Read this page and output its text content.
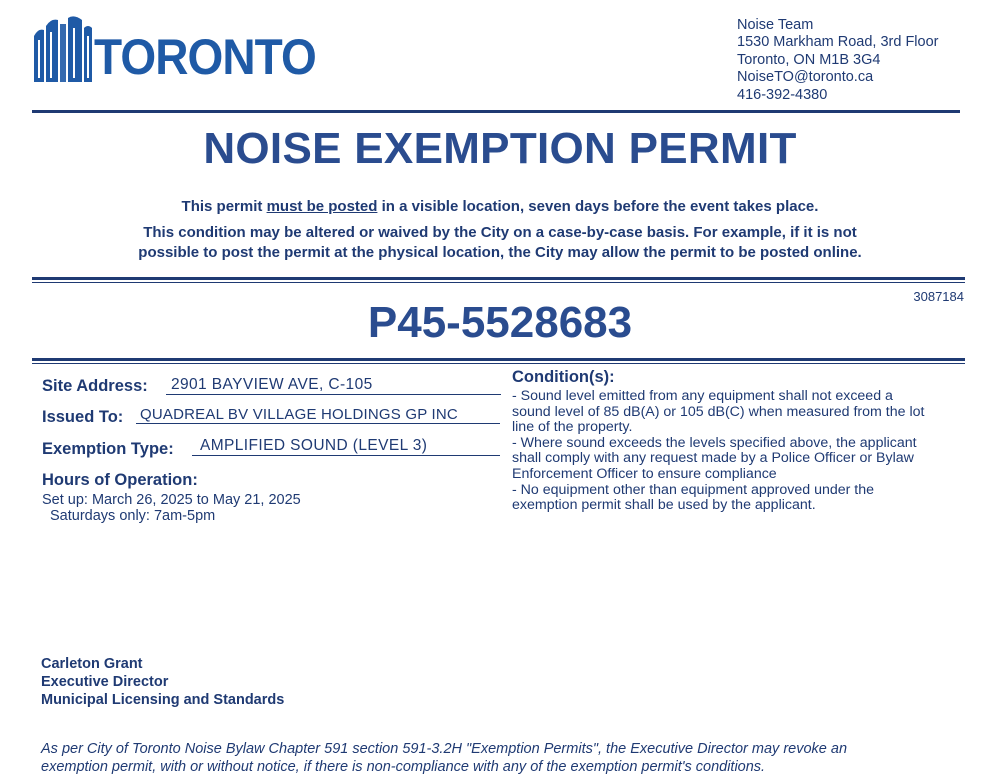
TORONTO
Noise Team
1530 Markham Road, 3rd Floor
Toronto, ON M1B 3G4
NoiseTO@toronto.ca
416-392-4380
NOISE EXEMPTION PERMIT
This permit must be posted in a visible location, seven days before the event takes place.
This condition may be altered or waived by the City on a case-by-case basis. For example, if it is not
possible to post the permit at the physical location, the City may allow the permit to be posted online.
3087184
P45-5528683
Site Address:	2901 BAYVIEW AVE, C-105
Issued To: QUADREAL BV VILLAGE HOLDINGS GP INC
Exemption Type:	AMPLIFIED SOUND (LEVEL 3)
Hours of Operation:
Set up: March 26, 2025 to May 21, 2025
Saturdays only: 7am-5pm
Condition(s):
- Sound level emitted from any equipment shall not exceed a
sound level of 85 dB(A) or 105 dB(C) when measured from the lot
line of the property.
- Where sound exceeds the levels specified above, the applicant
shall comply with any request made by a Police Officer or Bylaw
Enforcement Officer to ensure compliance
- No equipment other than equipment approved under the
exemption permit shall be used by the applicant.
Carleton Grant
Executive Director
Municipal Licensing and Standards
As per City of Toronto Noise Bylaw Chapter 591 section 591-3.2H "Exemption Permits", the Executive Director may revoke an
exemption permit, with or without notice, if there is non-compliance with any of the exemption permit's conditions.
